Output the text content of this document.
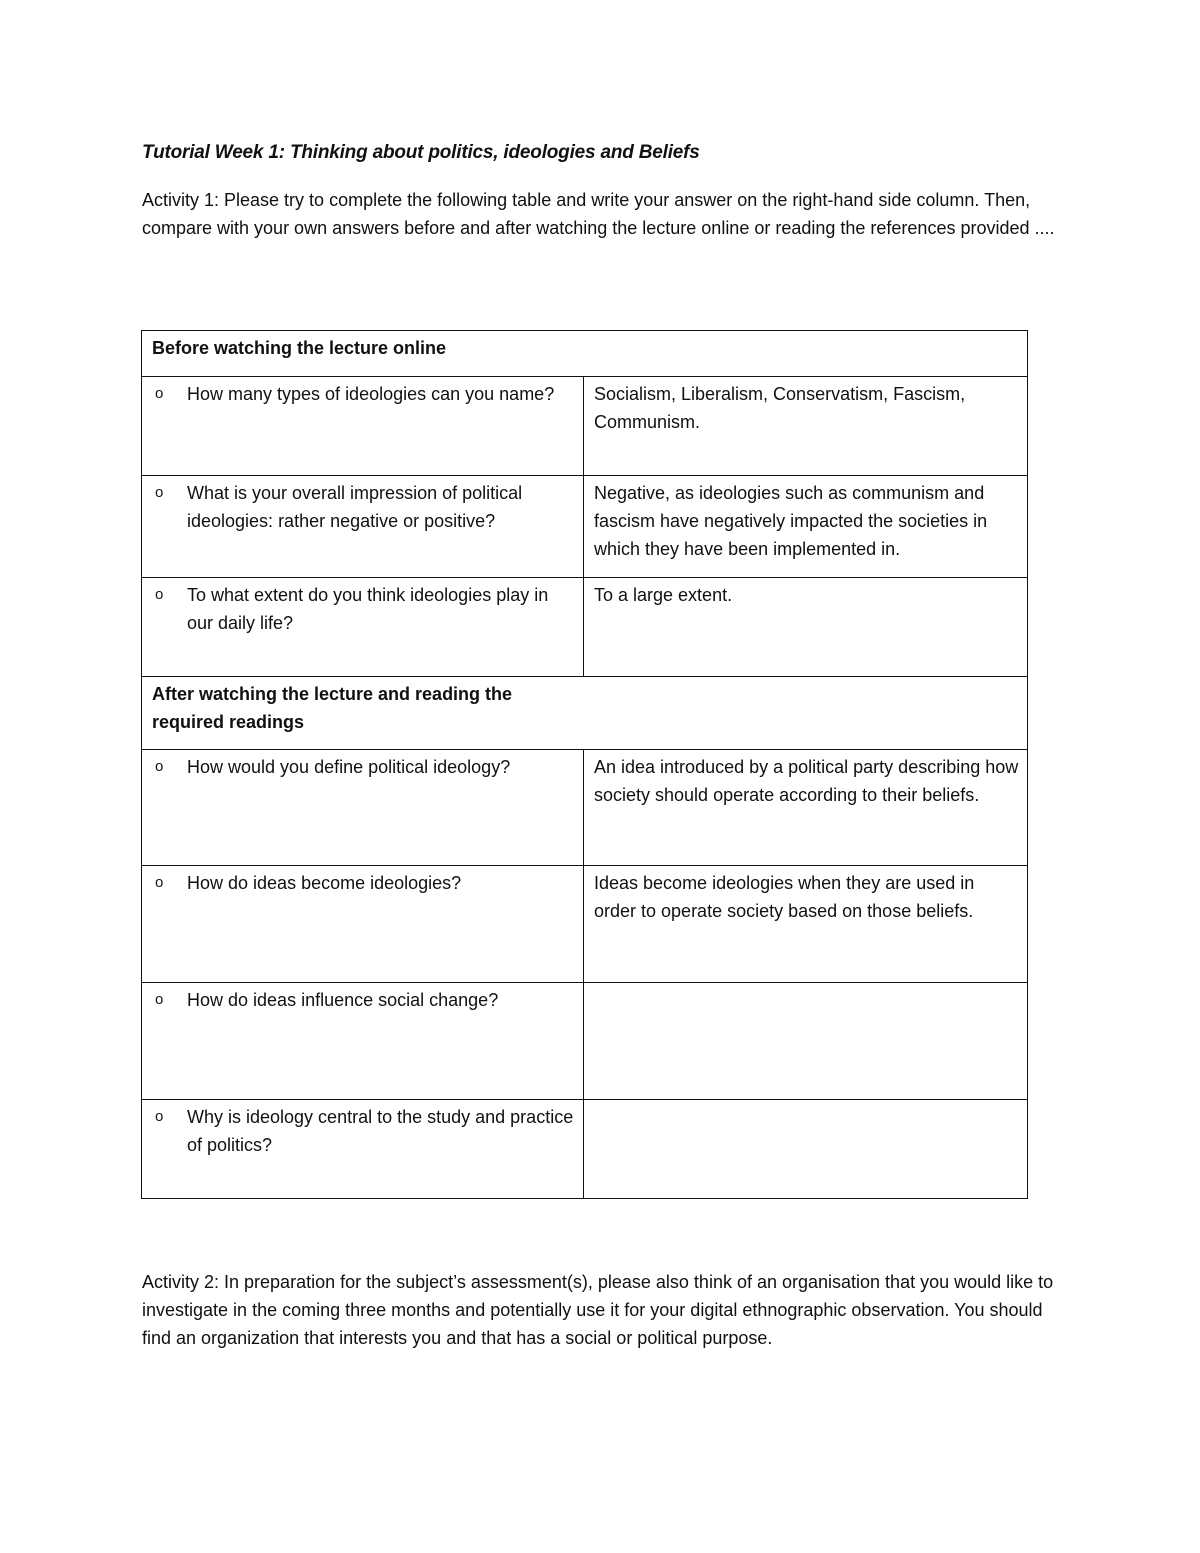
Tutorial Week 1: Thinking about politics, ideologies and Beliefs
Activity 1: Please try to complete the following table and write your answer on the right-hand side column. Then, compare with your own answers before and after watching the lecture online or reading the references provided ....
Before watching the lecture online	

o How many types of ideologies can you name?	Socialism, Liberalism, Conservatism, Fascism, Communism.

o What is your overall impression of political ideologies: rather negative or positive?	Negative, as ideologies such as communism and fascism have negatively impacted the societies in which they have been implemented in.

o To what extent do you think ideologies play in our daily life?	To a large extent.

After watching the lecture and reading the required readings	

o How would you define political ideology?	An idea introduced by a political party describing how society should operate according to their beliefs.

o How do ideas become ideologies?	Ideas become ideologies when they are used in order to operate society based on those beliefs.

o How do ideas influence social change?	

o Why is ideology central to the study and practice of politics?	

Activity 2: In preparation for the subject’s assessment(s), please also think of an organisation that you would like to investigate in the coming three months and potentially use it for your digital ethnographic observation. You should find an organization that interests you and that has a social or political purpose.
